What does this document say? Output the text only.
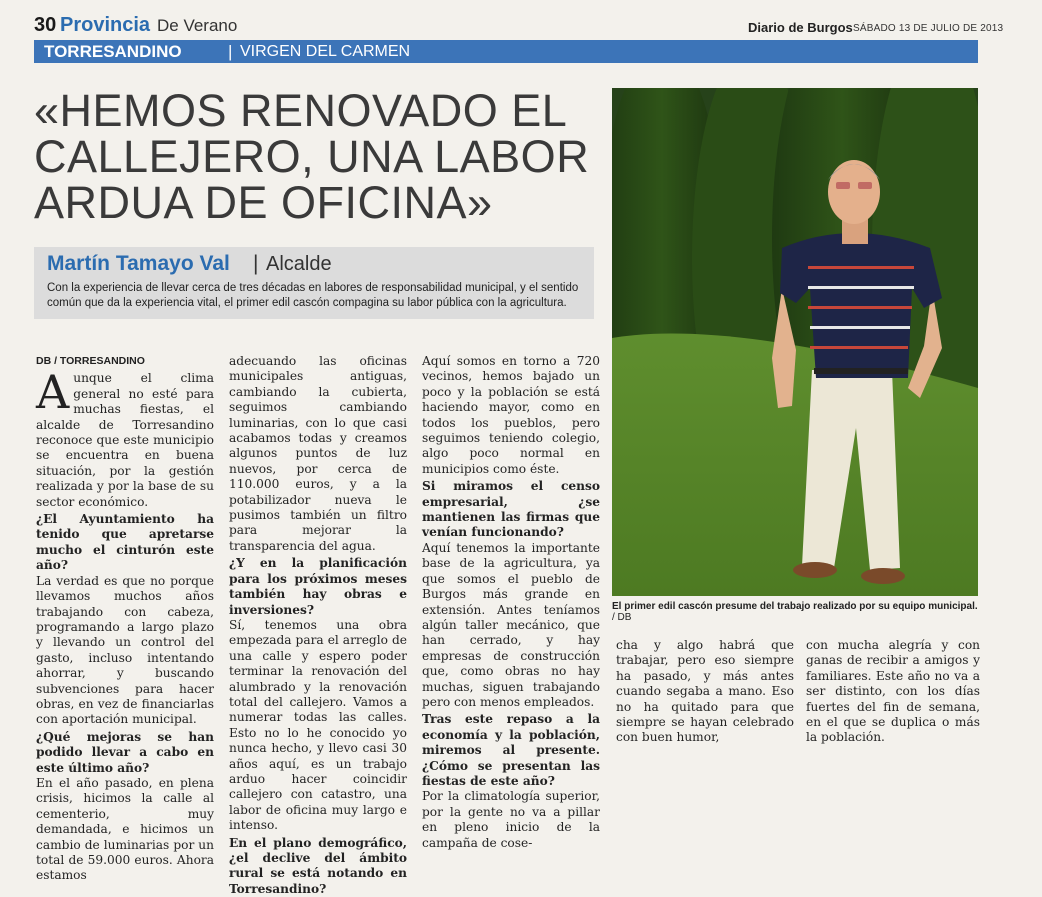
30 Provincia De Verano	Diario de Burgos SÁBADO 13 DE JULIO DE 2013
TORRESANDINO	| VIRGEN DEL CARMEN
«HEMOS RENOVADO EL CALLEJERO, UNA LABOR ARDUA DE OFICINA»
Martín Tamayo Val | Alcalde
Con la experiencia de llevar cerca de tres décadas en labores de responsabilidad municipal, y el sentido común que da la experiencia vital, el primer edil cascón compagina su labor pública con la agricultura.

DB / TORRESANDINO

Aunque el clima general no esté para muchas fiestas, el alcalde de Torresandino reconoce que este municipio se encuentra en buena situación, por la gestión realizada y por la base de su sector económico.

¿El Ayuntamiento ha tenido que apretarse mucho el cinturón este año?

La verdad es que no porque llevamos muchos años trabajando con cabeza, programando a largo plazo y llevando un control del gasto, incluso intentando ahorrar, y buscando subvenciones para hacer obras, en vez de financiarlas con aportación municipal.

¿Qué mejoras se han podido llevar a cabo en este último año?

En el año pasado, en plena crisis, hicimos la calle al cementerio, muy demandada, e hicimos un cambio de luminarias por un total de 59.000 euros. Ahora estamos

adecuando las oficinas municipales antiguas, cambiando la cubierta, seguimos cambiando luminarias, con lo que casi acabamos todas y creamos algunos puntos de luz nuevos, por cerca de 110.000 euros, y a la potabilizador nueva le pusimos también un filtro para mejorar la transparencia del agua.

¿Y en la planificación para los próximos meses también hay obras e inversiones?

Sí, tenemos una obra empezada para el arreglo de una calle y espero poder terminar la renovación del alumbrado y la renovación total del callejero. Vamos a numerar todas las calles. Esto no lo he conocido yo nunca hecho, y llevo casi 30 años aquí, es un trabajo arduo hacer coincidir callejero con catastro, una labor de oficina muy largo e intenso.

En el plano demográfico, ¿el declive del ámbito rural se está notando en Torresandino?

Aquí somos en torno a 720 vecinos, hemos bajado un poco y la población se está haciendo mayor, como en todos los pueblos, pero seguimos teniendo colegio, algo poco normal en municipios como éste.

Si miramos el censo empresarial, ¿se mantienen las firmas que venían funcionando?

Aquí tenemos la importante base de la agricultura, ya que somos el pueblo de Burgos más grande en extensión. Antes teníamos algún taller mecánico, que han cerrado, y hay empresas de construcción que, como obras no hay muchas, siguen trabajando pero con menos empleados.

Tras este repaso a la economía y la población, miremos al presente. ¿Cómo se presentan las fiestas de este año?

Por la climatología superior, por la gente no va a pillar en pleno inicio de la campaña de cose-

cha y algo habrá que trabajar, pero eso siempre ha pasado, y más antes cuando segaba a mano. Eso no ha quitado para que siempre se hayan celebrado con buen humor,

con mucha alegría y con ganas de recibir a amigos y familiares. Este año no va a ser distinto, con los días fuertes del fin de semana, en el que se duplica o más la población.

El primer edil cascón presume del trabajo realizado por su equipo municipal. / DB
